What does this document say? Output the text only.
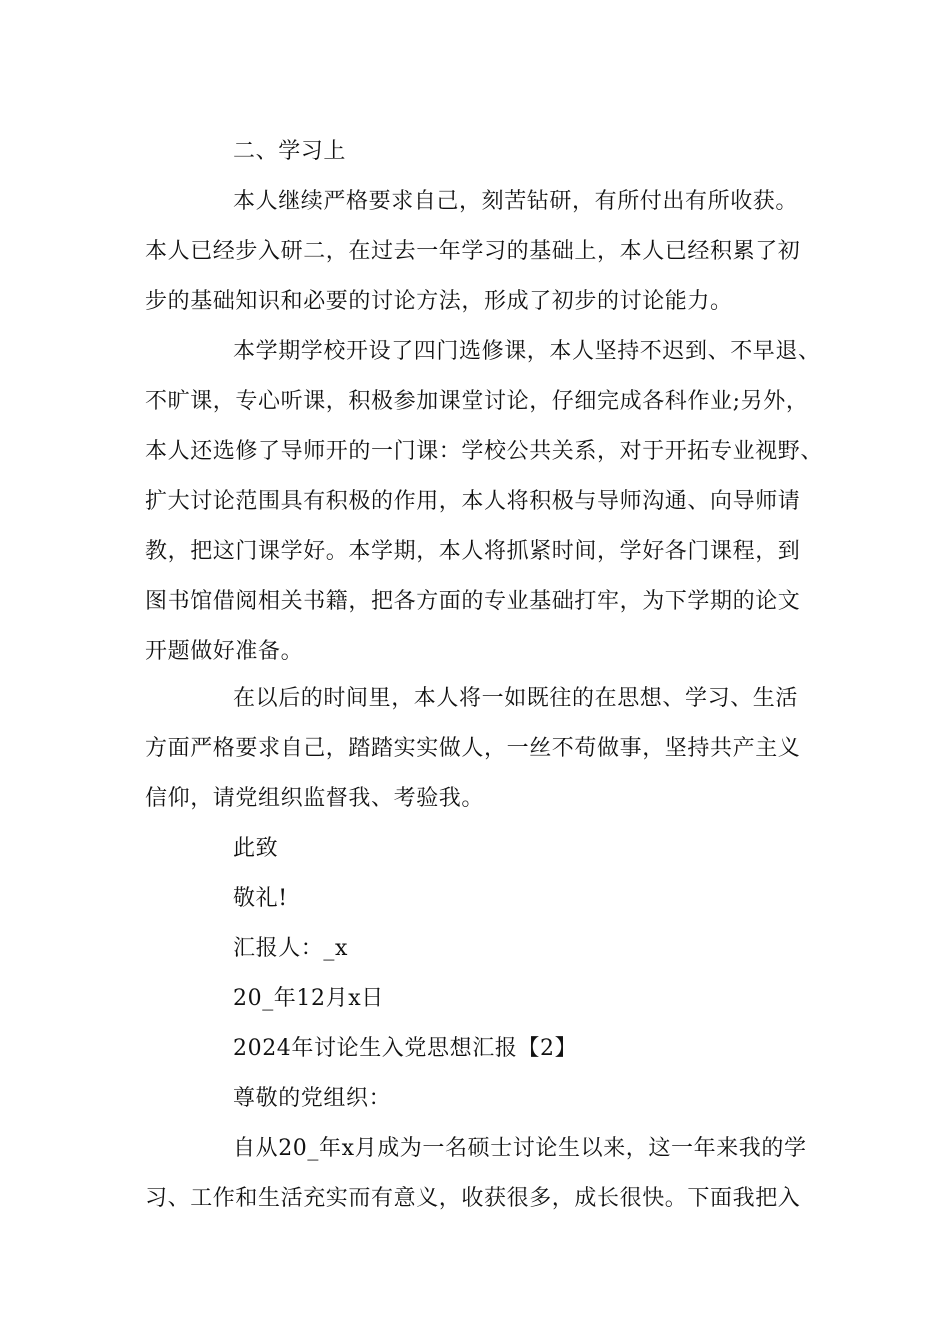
二、学习上
本人继续严格要求自己，刻苦钻研，有所付出有所收获。
本人已经步入研二，在过去一年学习的基础上，本人已经积累了初
步的基础知识和必要的讨论方法，形成了初步的讨论能力。
本学期学校开设了四门选修课，本人坚持不迟到、不早退、
不旷课，专心听课，积极参加课堂讨论，仔细完成各科作业;另外，
本人还选修了导师开的一门课：学校公共关系，对于开拓专业视野、
扩大讨论范围具有积极的作用，本人将积极与导师沟通、向导师请
教，把这门课学好。本学期，本人将抓紧时间，学好各门课程，到
图书馆借阅相关书籍，把各方面的专业基础打牢，为下学期的论文
开题做好准备。
在以后的时间里，本人将一如既往的在思想、学习、生活
方面严格要求自己，踏踏实实做人，一丝不苟做事，坚持共产主义
信仰，请党组织监督我、考验我。
此致
敬礼!
汇报人：_x
20_年12月x日
2024年讨论生入党思想汇报【2】
尊敬的党组织：
自从20_年x月成为一名硕士讨论生以来，这一年来我的学
习、工作和生活充实而有意义，收获很多，成长很快。下面我把入
